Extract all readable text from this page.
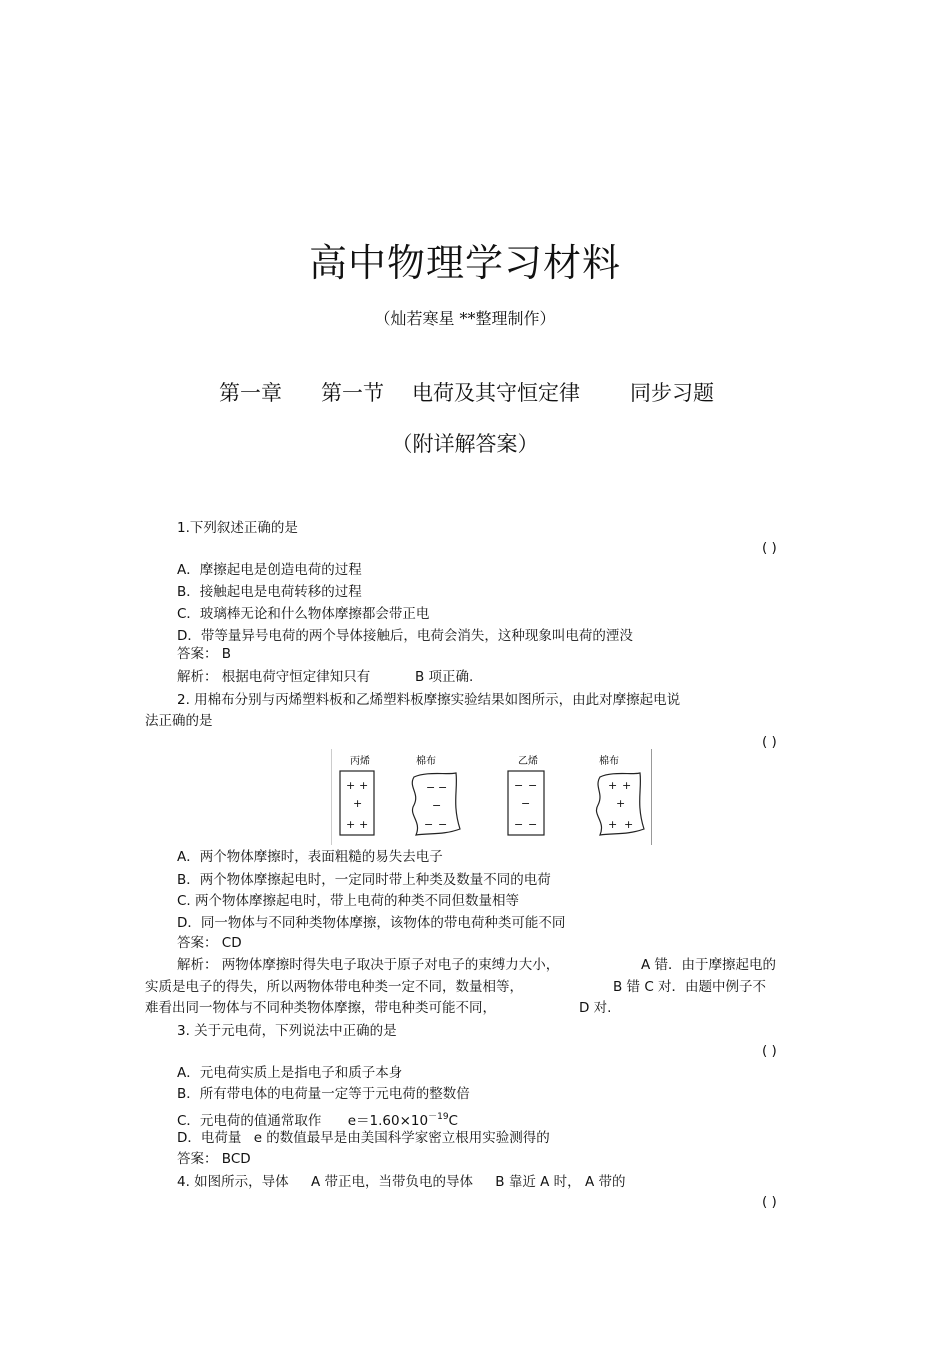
高中物理学习材料
（灿若寒星 **整理制作）
第一章 第一节 电荷及其守恒定律 同步习题
（附详解答案）
1.下列叙述正确的是
( )
A．摩擦起电是创造电荷的过程
B．接触起电是电荷转移的过程
C．玻璃棒无论和什么物体摩擦都会带正电
D．带等量异号电荷的两个导体接触后，电荷会消失，这种现象叫电荷的湮没
答案： B
解析： 根据电荷守恒定律知只有	B 项正确.
2. 用棉布分别与丙烯塑料板和乙烯塑料板摩擦实验结果如图所示，由此对摩擦起电说
法正确的是
( )
丙烯	棉布	乙烯	棉布
+ +
+
+ +
− −
−
− −
− −
−
− −
+ +
+
+ +
A．两个物体摩擦时，表面粗糙的易失去电子
B．两个物体摩擦起电时，一定同时带上种类及数量不同的电荷
C. 两个物体摩擦起电时，带上电荷的种类不同但数量相等
D．同一物体与不同种类物体摩擦，该物体的带电荷种类可能不同
答案： CD
解析： 两物体摩擦时得失电子取决于原子对电子的束缚力大小，	A 错．由于摩擦起电的
实质是电子的得失，所以两物体带电种类一定不同，数量相等，	B 错 C 对．由题中例子不
难看出同一物体与不同种类物体摩擦，带电种类可能不同，	D 对.
3. 关于元电荷，下列说法中正确的是
( )
A．元电荷实质上是指电子和质子本身
B．所有带电体的电荷量一定等于元电荷的整数倍
C．元电荷的值通常取作 $e=1.60\times 10^{-19}C$
D．电荷量 e 的数值最早是由美国科学家密立根用实验测得的
答案： BCD
4. 如图所示，导体 A 带正电，当带负电的导体 B 靠近 A 时， A 带的
( )
